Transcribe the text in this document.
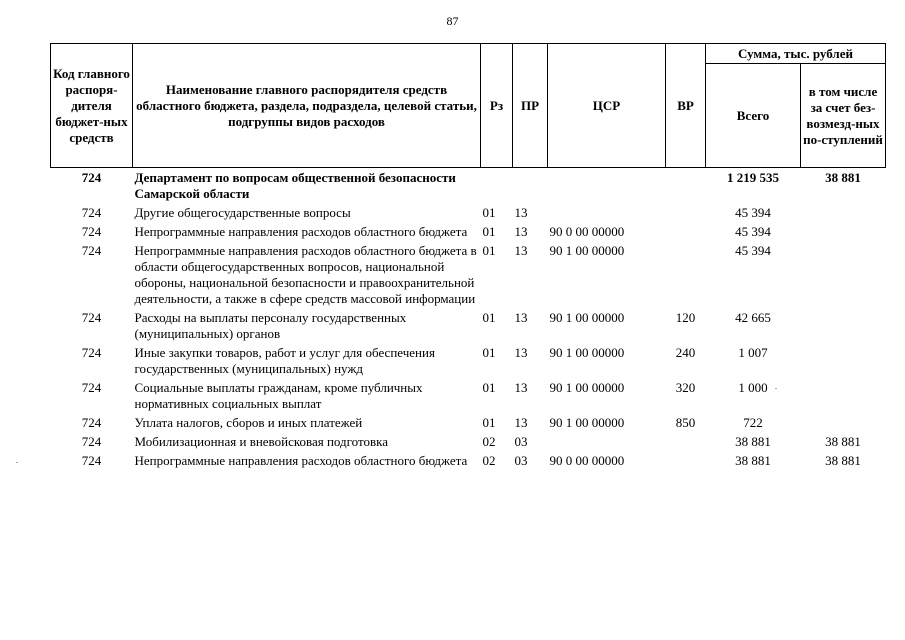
87
Код главного распоря-дителя бюджет-ных средств	Наименование главного распорядителя средств областного бюджета, раздела, подраздела, целевой статьи, подгруппы видов расходов	Рз	ПР	ЦСР	ВР	Сумма, тыс. рублей	
						Всего	в том числе за счет без-возмезд-ных по-ступлений
724	Департамент по вопросам общественной безопасности Самарской области					1 219 535	38 881
724	Другие общегосударственные вопросы	01	13			45 394	
724	Непрограммные направления расходов областного бюджета	01	13	90 0 00 00000		45 394	
724	Непрограммные направления расходов областного бюджета в области общегосударственных вопросов, национальной обороны, национальной безопасности и правоохранительной деятельности, а также в сфере средств массовой информации	01	13	90 1 00 00000		45 394	
724	Расходы на выплаты персоналу государственных (муниципальных) органов	01	13	90 1 00 00000	120	42 665	
724	Иные закупки товаров, работ и услуг для обеспечения государственных (муниципальных) нужд	01	13	90 1 00 00000	240	1 007	
724	Социальные выплаты гражданам, кроме публичных нормативных социальных выплат	01	13	90 1 00 00000	320	1 000	
724	Уплата налогов, сборов и иных платежей	01	13	90 1 00 00000	850	722	
724	Мобилизационная и вневойсковая подготовка	02	03			38 881	38 881
724	Непрограммные направления расходов областного бюджета	02	03	90 0 00 00000		38 881	38 881
